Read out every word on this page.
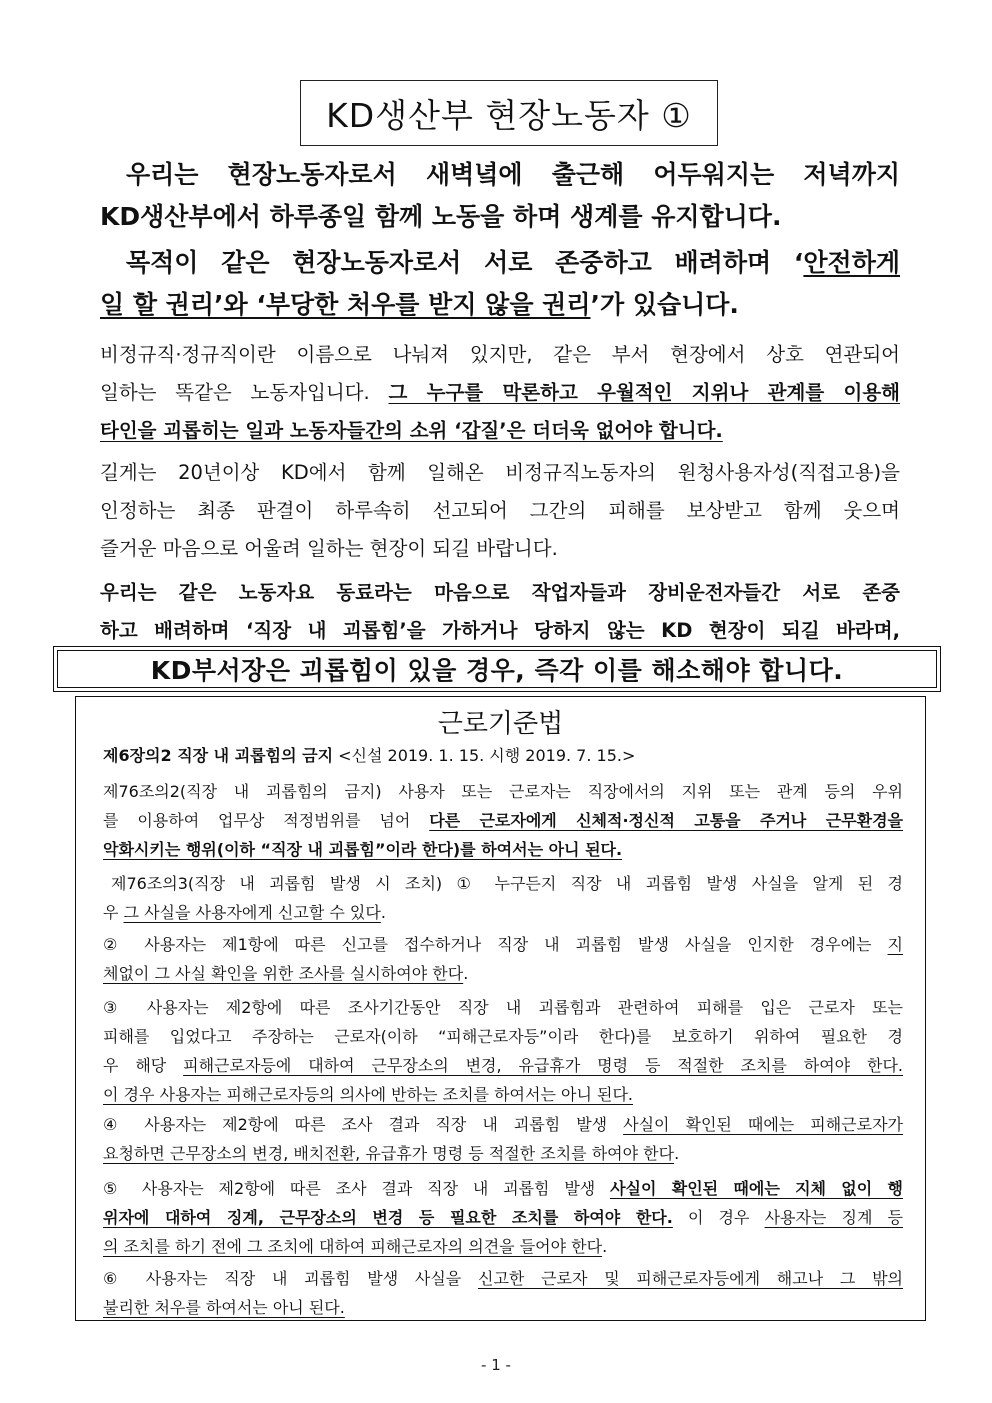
KD생산부 현장노동자 ①
우리는 현장노동자로서 새벽녘에 출근해 어두워지는 저녁까지
KD생산부에서 하루종일 함께 노동을 하며 생계를 유지합니다.
목적이 같은 현장노동자로서 서로 존중하고 배려하며 ‘안전하게
일 할 권리’와 ‘부당한 처우를 받지 않을 권리’가 있습니다.
비정규직·정규직이란 이름으로 나눠져 있지만, 같은 부서 현장에서 상호 연관되어
일하는 똑같은 노동자입니다. 그 누구를 막론하고 우월적인 지위나 관계를 이용해
타인을 괴롭히는 일과 노동자들간의 소위 ‘갑질’은 더더욱 없어야 합니다.
길게는 20년이상 KD에서 함께 일해온 비정규직노동자의 원청사용자성(직접고용)을
인정하는 최종 판결이 하루속히 선고되어 그간의 피해를 보상받고 함께 웃으며
즐거운 마음으로 어울려 일하는 현장이 되길 바랍니다.
우리는 같은 노동자요 동료라는 마음으로 작업자들과 장비운전자들간 서로 존중
하고 배려하며 ‘직장 내 괴롭힘’을 가하거나 당하지 않는 KD 현장이 되길 바라며,
KD부서장은 괴롭힘이 있을 경우, 즉각 이를 해소해야 합니다.
근로기준법
제6장의2 직장 내 괴롭힘의 금지 <신설 2019. 1. 15. 시행 2019. 7. 15.>
제76조의2(직장 내 괴롭힘의 금지) 사용자 또는 근로자는 직장에서의 지위 또는 관계 등의 우위
를 이용하여 업무상 적정범위를 넘어 다른 근로자에게 신체적·정신적 고통을 주거나 근무환경을
악화시키는 행위(이하 “직장 내 괴롭힘”이라 한다)를 하여서는 아니 된다.
제76조의3(직장 내 괴롭힘 발생 시 조치) ① 누구든지 직장 내 괴롭힘 발생 사실을 알게 된 경
우 그 사실을 사용자에게 신고할 수 있다.
② 사용자는 제1항에 따른 신고를 접수하거나 직장 내 괴롭힘 발생 사실을 인지한 경우에는 지
체없이 그 사실 확인을 위한 조사를 실시하여야 한다.
③ 사용자는 제2항에 따른 조사기간동안 직장 내 괴롭힘과 관련하여 피해를 입은 근로자 또는
피해를 입었다고 주장하는 근로자(이하 “피해근로자등”이라 한다)를 보호하기 위하여 필요한 경
우 해당 피해근로자등에 대하여 근무장소의 변경, 유급휴가 명령 등 적절한 조치를 하여야 한다.
이 경우 사용자는 피해근로자등의 의사에 반하는 조치를 하여서는 아니 된다.
④ 사용자는 제2항에 따른 조사 결과 직장 내 괴롭힘 발생 사실이 확인된 때에는 피해근로자가
요청하면 근무장소의 변경, 배치전환, 유급휴가 명령 등 적절한 조치를 하여야 한다.
⑤ 사용자는 제2항에 따른 조사 결과 직장 내 괴롭힘 발생 사실이 확인된 때에는 지체 없이 행
위자에 대하여 징계, 근무장소의 변경 등 필요한 조치를 하여야 한다. 이 경우 사용자는 징계 등
의 조치를 하기 전에 그 조치에 대하여 피해근로자의 의견을 들어야 한다.
⑥ 사용자는 직장 내 괴롭힘 발생 사실을 신고한 근로자 및 피해근로자등에게 해고나 그 밖의
불리한 처우를 하여서는 아니 된다.
- 1 -
